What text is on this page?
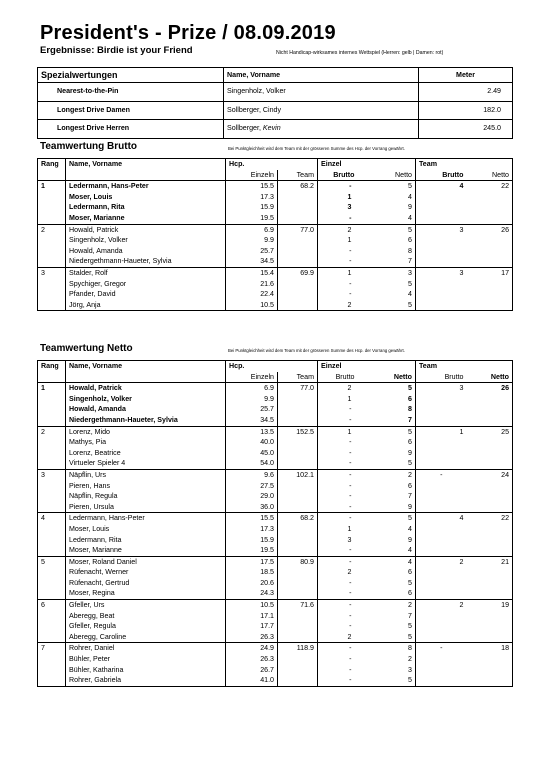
President's - Prize / 08.09.2019
Ergebnisse: Birdie ist your Friend	Nicht Handicap-wirksames internes Wettspiel (Herren: gelb | Damen: rot)
Spezialwertungen	Name, Vorname	Meter
Nearest-to-the-Pin	Singenholz, Volker	2.49
Longest Drive Damen	Sollberger, Cindy	182.0
Longest Drive Herren	Sollberger, Kevin	245.0
Teamwertung Brutto	Bei Punktgleichheit wird dem Team mit der grösseren Summe des Hcp. der Vorrang gewährt.
Rang	Name, Vorname	Hcp.		Einzel		Team	
		Einzeln	Team	Brutto	Netto	Brutto	Netto
1	Ledermann, Hans-Peter	15.5	68.2	-	5	4	22
	Moser, Louis	17.3		1	4		
	Ledermann, Rita	15.9		3	9		
	Moser, Marianne	19.5		-	4		
2	Howald, Patrick	6.9	77.0	2	5	3	26
	Singenholz, Volker	9.9		1	6		
	Howald, Amanda	25.7		-	8		
	Niedergethmann-Haueter, Sylvia	34.5		-	7		
3	Stalder, Rolf	15.4	69.9	1	3	3	17
	Spychiger, Gregor	21.6		-	5		
	Pfander, David	22.4		-	4		
	Jörg, Anja	10.5		2	5		
Teamwertung Netto	Bei Punktgleichheit wird dem Team mit der grösseren Summe des Hcp. der Vorrang gewährt.
Rang	Name, Vorname	Hcp.		Einzel		Team	
		Einzeln	Team	Brutto	Netto	Brutto	Netto
1	Howald, Patrick	6.9	77.0	2	5	3	26
	Singenholz, Volker	9.9		1	6		
	Howald, Amanda	25.7		-	8		
	Niedergethmann-Haueter, Sylvia	34.5		-	7		
2	Lorenz, Mido	13.5	152.5	1	5	1	25
	Mathys, Pia	40.0		-	6		
	Lorenz, Beatrice	45.0		-	9		
	Virtueler Spieler 4	54.0		-	5		
3	Näpflin, Urs	9.6	102.1	-	2	-	24
	Pieren, Hans	27.5		-	6		
	Näpflin, Regula	29.0		-	7		
	Pieren, Ursula	36.0		-	9		
4	Ledermann, Hans-Peter	15.5	68.2	-	5	4	22
	Moser, Louis	17.3		1	4		
	Ledermann, Rita	15.9		3	9		
	Moser, Marianne	19.5		-	4		
5	Moser, Roland Daniel	17.5	80.9	-	4	2	21
	Rüfenacht, Werner	18.5		2	6		
	Rüfenacht, Gertrud	20.6		-	5		
	Moser, Regina	24.3		-	6		
6	Gfeller, Urs	10.5	71.6	-	2	2	19
	Aberegg, Beat	17.1		-	7		
	Gfeller, Regula	17.7		-	5		
	Aberegg, Caroline	26.3		2	5		
7	Rohrer, Daniel	24.9	118.9	-	8	-	18
	Bühler, Peter	26.3		-	2		
	Bühler, Katharina	26.7		-	3		
	Rohrer, Gabriela	41.0		-	5		
